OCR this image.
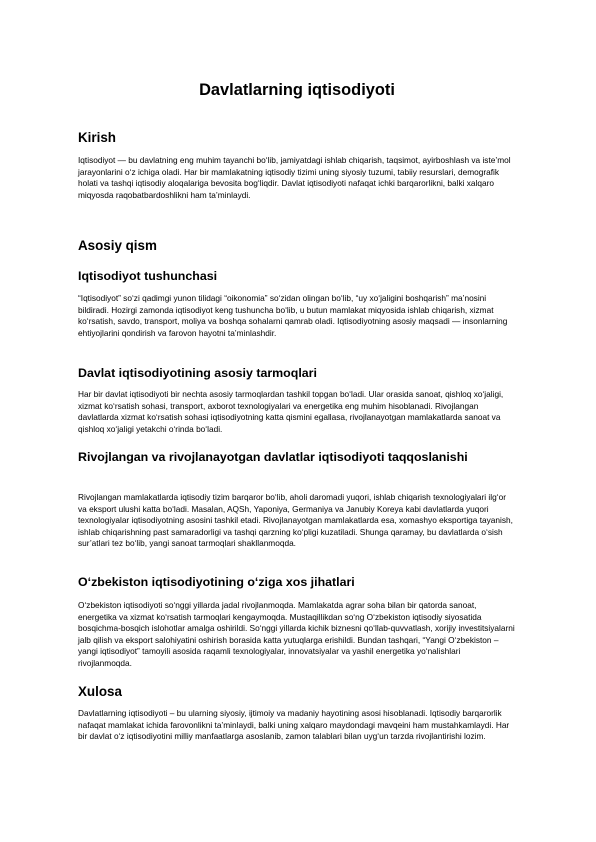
Davlatlarning iqtisodiyoti
Kirish

Iqtisodiyot — bu davlatning eng muhim tayanchi bo‘lib, jamiyatdagi ishlab chiqarish, taqsimot, ayirboshlash va iste’mol jarayonlarini o‘z ichiga oladi. Har bir mamlakatning iqtisodiy tizimi uning siyosiy tuzumi, tabiiy resurslari, demografik holati va tashqi iqtisodiy aloqalariga bevosita bog‘liqdir. Davlat iqtisodiyoti nafaqat ichki barqarorlikni, balki xalqaro miqyosda raqobatbardoshlikni ham ta’minlaydi.

Asosiy qism
Iqtisodiyot tushunchasi

“Iqtisodiyot” so‘zi qadimgi yunon tilidagi “oikonomia” so‘zidan olingan bo‘lib, “uy xo‘jaligini boshqarish” ma’nosini bildiradi. Hozirgi zamonda iqtisodiyot keng tushuncha bo‘lib, u butun mamlakat miqyosida ishlab chiqarish, xizmat ko‘rsatish, savdo, transport, moliya va boshqa sohalarni qamrab oladi. Iqtisodiyotning asosiy maqsadi — insonlarning ehtiyojlarini qondirish va farovon hayotni ta’minlashdir.

Davlat iqtisodiyotining asosiy tarmoqlari

Har bir davlat iqtisodiyoti bir nechta asosiy tarmoqlardan tashkil topgan bo‘ladi. Ular orasida sanoat, qishloq xo‘jaligi, xizmat ko‘rsatish sohasi, transport, axborot texnologiyalari va energetika eng muhim hisoblanadi. Rivojlangan davlatlarda xizmat ko‘rsatish sohasi iqtisodiyotning katta qismini egallasa, rivojlanayotgan mamlakatlarda sanoat va qishloq xo‘jaligi yetakchi o‘rinda bo‘ladi.

Rivojlangan va rivojlanayotgan davlatlar iqtisodiyoti taqqoslanishi

Rivojlangan mamlakatlarda iqtisodiy tizim barqaror bo‘lib, aholi daromadi yuqori, ishlab chiqarish texnologiyalari ilg‘or va eksport ulushi katta bo‘ladi. Masalan, AQSh, Yaponiya, Germaniya va Janubiy Koreya kabi davlatlarda yuqori texnologiyalar iqtisodiyotning asosini tashkil etadi. Rivojlanayotgan mamlakatlarda esa, xomashyo eksportiga tayanish, ishlab chiqarishning past samaradorligi va tashqi qarzning ko‘pligi kuzatiladi. Shunga qaramay, bu davlatlarda o‘sish sur’atlari tez bo‘lib, yangi sanoat tarmoqlari shakllanmoqda.

O‘zbekiston iqtisodiyotining o‘ziga xos jihatlari

O‘zbekiston iqtisodiyoti so‘nggi yillarda jadal rivojlanmoqda. Mamlakatda agrar soha bilan bir qatorda sanoat, energetika va xizmat ko‘rsatish tarmoqlari kengaymoqda. Mustaqillikdan so‘ng O‘zbekiston iqtisodiy siyosatida bosqichma-bosqich islohotlar amalga oshirildi. So‘nggi yillarda kichik biznesni qo‘llab-quvvatlash, xorijiy investitsiyalarni jalb qilish va eksport salohiyatini oshirish borasida katta yutuqlarga erishildi. Bundan tashqari, “Yangi O‘zbekiston – yangi iqtisodiyot” tamoyili asosida raqamli texnologiyalar, innovatsiyalar va yashil energetika yo‘nalishlari rivojlanmoqda.

Xulosa

Davlatlarning iqtisodiyoti – bu ularning siyosiy, ijtimoiy va madaniy hayotining asosi hisoblanadi. Iqtisodiy barqarorlik nafaqat mamlakat ichida farovonlikni ta’minlaydi, balki uning xalqaro maydondagi mavqeini ham mustahkamlaydi. Har bir davlat o‘z iqtisodiyotini milliy manfaatlarga asoslanib, zamon talablari bilan uyg‘un tarzda rivojlantirishi lozim.
